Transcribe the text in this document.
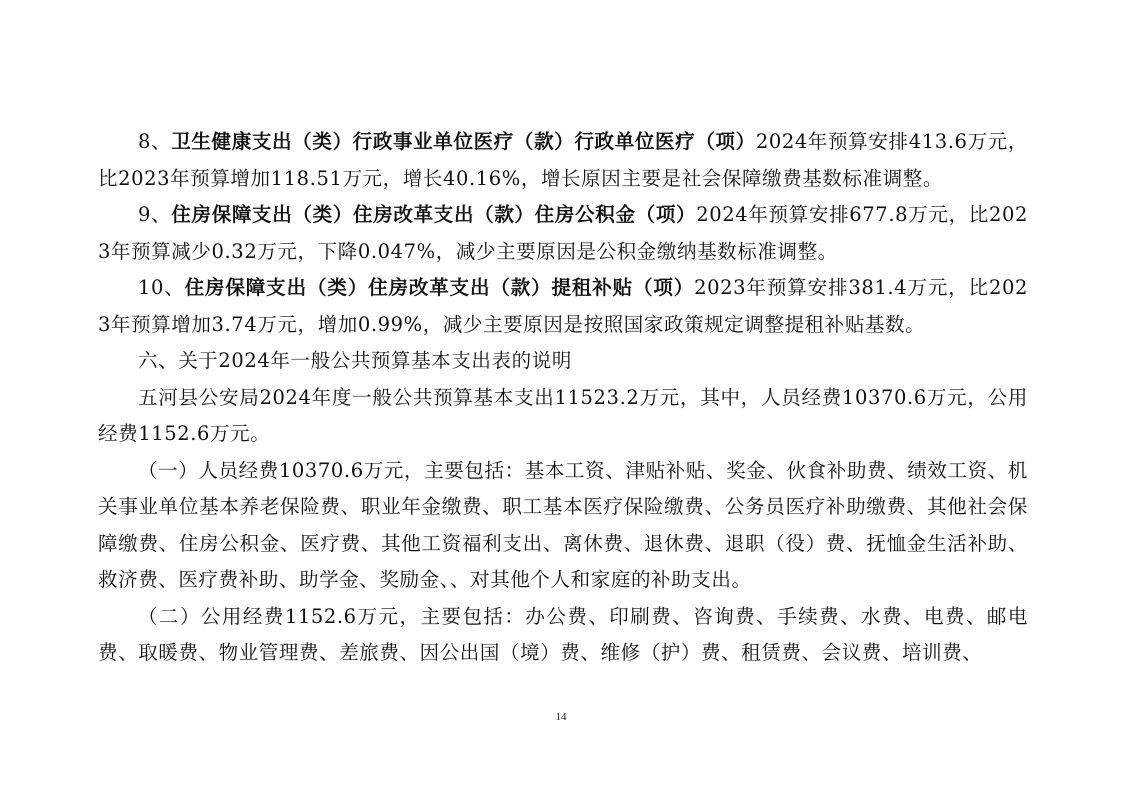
8、卫生健康支出（类）行政事业单位医疗（款）行政单位医疗（项）2024年预算安排413.6万元，比2023年预算增加118.51万元，增长40.16%，增长原因主要是社会保障缴费基数标准调整。

9、住房保障支出（类）住房改革支出（款）住房公积金（项）2024年预算安排677.8万元，比2023年预算减少0.32万元，下降0.047%，减少主要原因是公积金缴纳基数标准调整。

10、住房保障支出（类）住房改革支出（款）提租补贴（项）2023年预算安排381.4万元，比2023年预算增加3.74万元，增加0.99%，减少主要原因是按照国家政策规定调整提租补贴基数。

六、关于2024年一般公共预算基本支出表的说明

五河县公安局2024年度一般公共预算基本支出11523.2万元，其中，人员经费10370.6万元，公用经费1152.6万元。

（一）人员经费10370.6万元，主要包括：基本工资、津贴补贴、奖金、伙食补助费、绩效工资、机关事业单位基本养老保险费、职业年金缴费、职工基本医疗保险缴费、公务员医疗补助缴费、其他社会保障缴费、住房公积金、医疗费、其他工资福利支出、离休费、退休费、退职（役）费、抚恤金生活补助、救济费、医疗费补助、助学金、奖励金、、对其他个人和家庭的补助支出。

（二）公用经费1152.6万元，主要包括：办公费、印刷费、咨询费、手续费、水费、电费、邮电费、取暖费、物业管理费、差旅费、因公出国（境）费、维修（护）费、租赁费、会议费、培训费、

14
